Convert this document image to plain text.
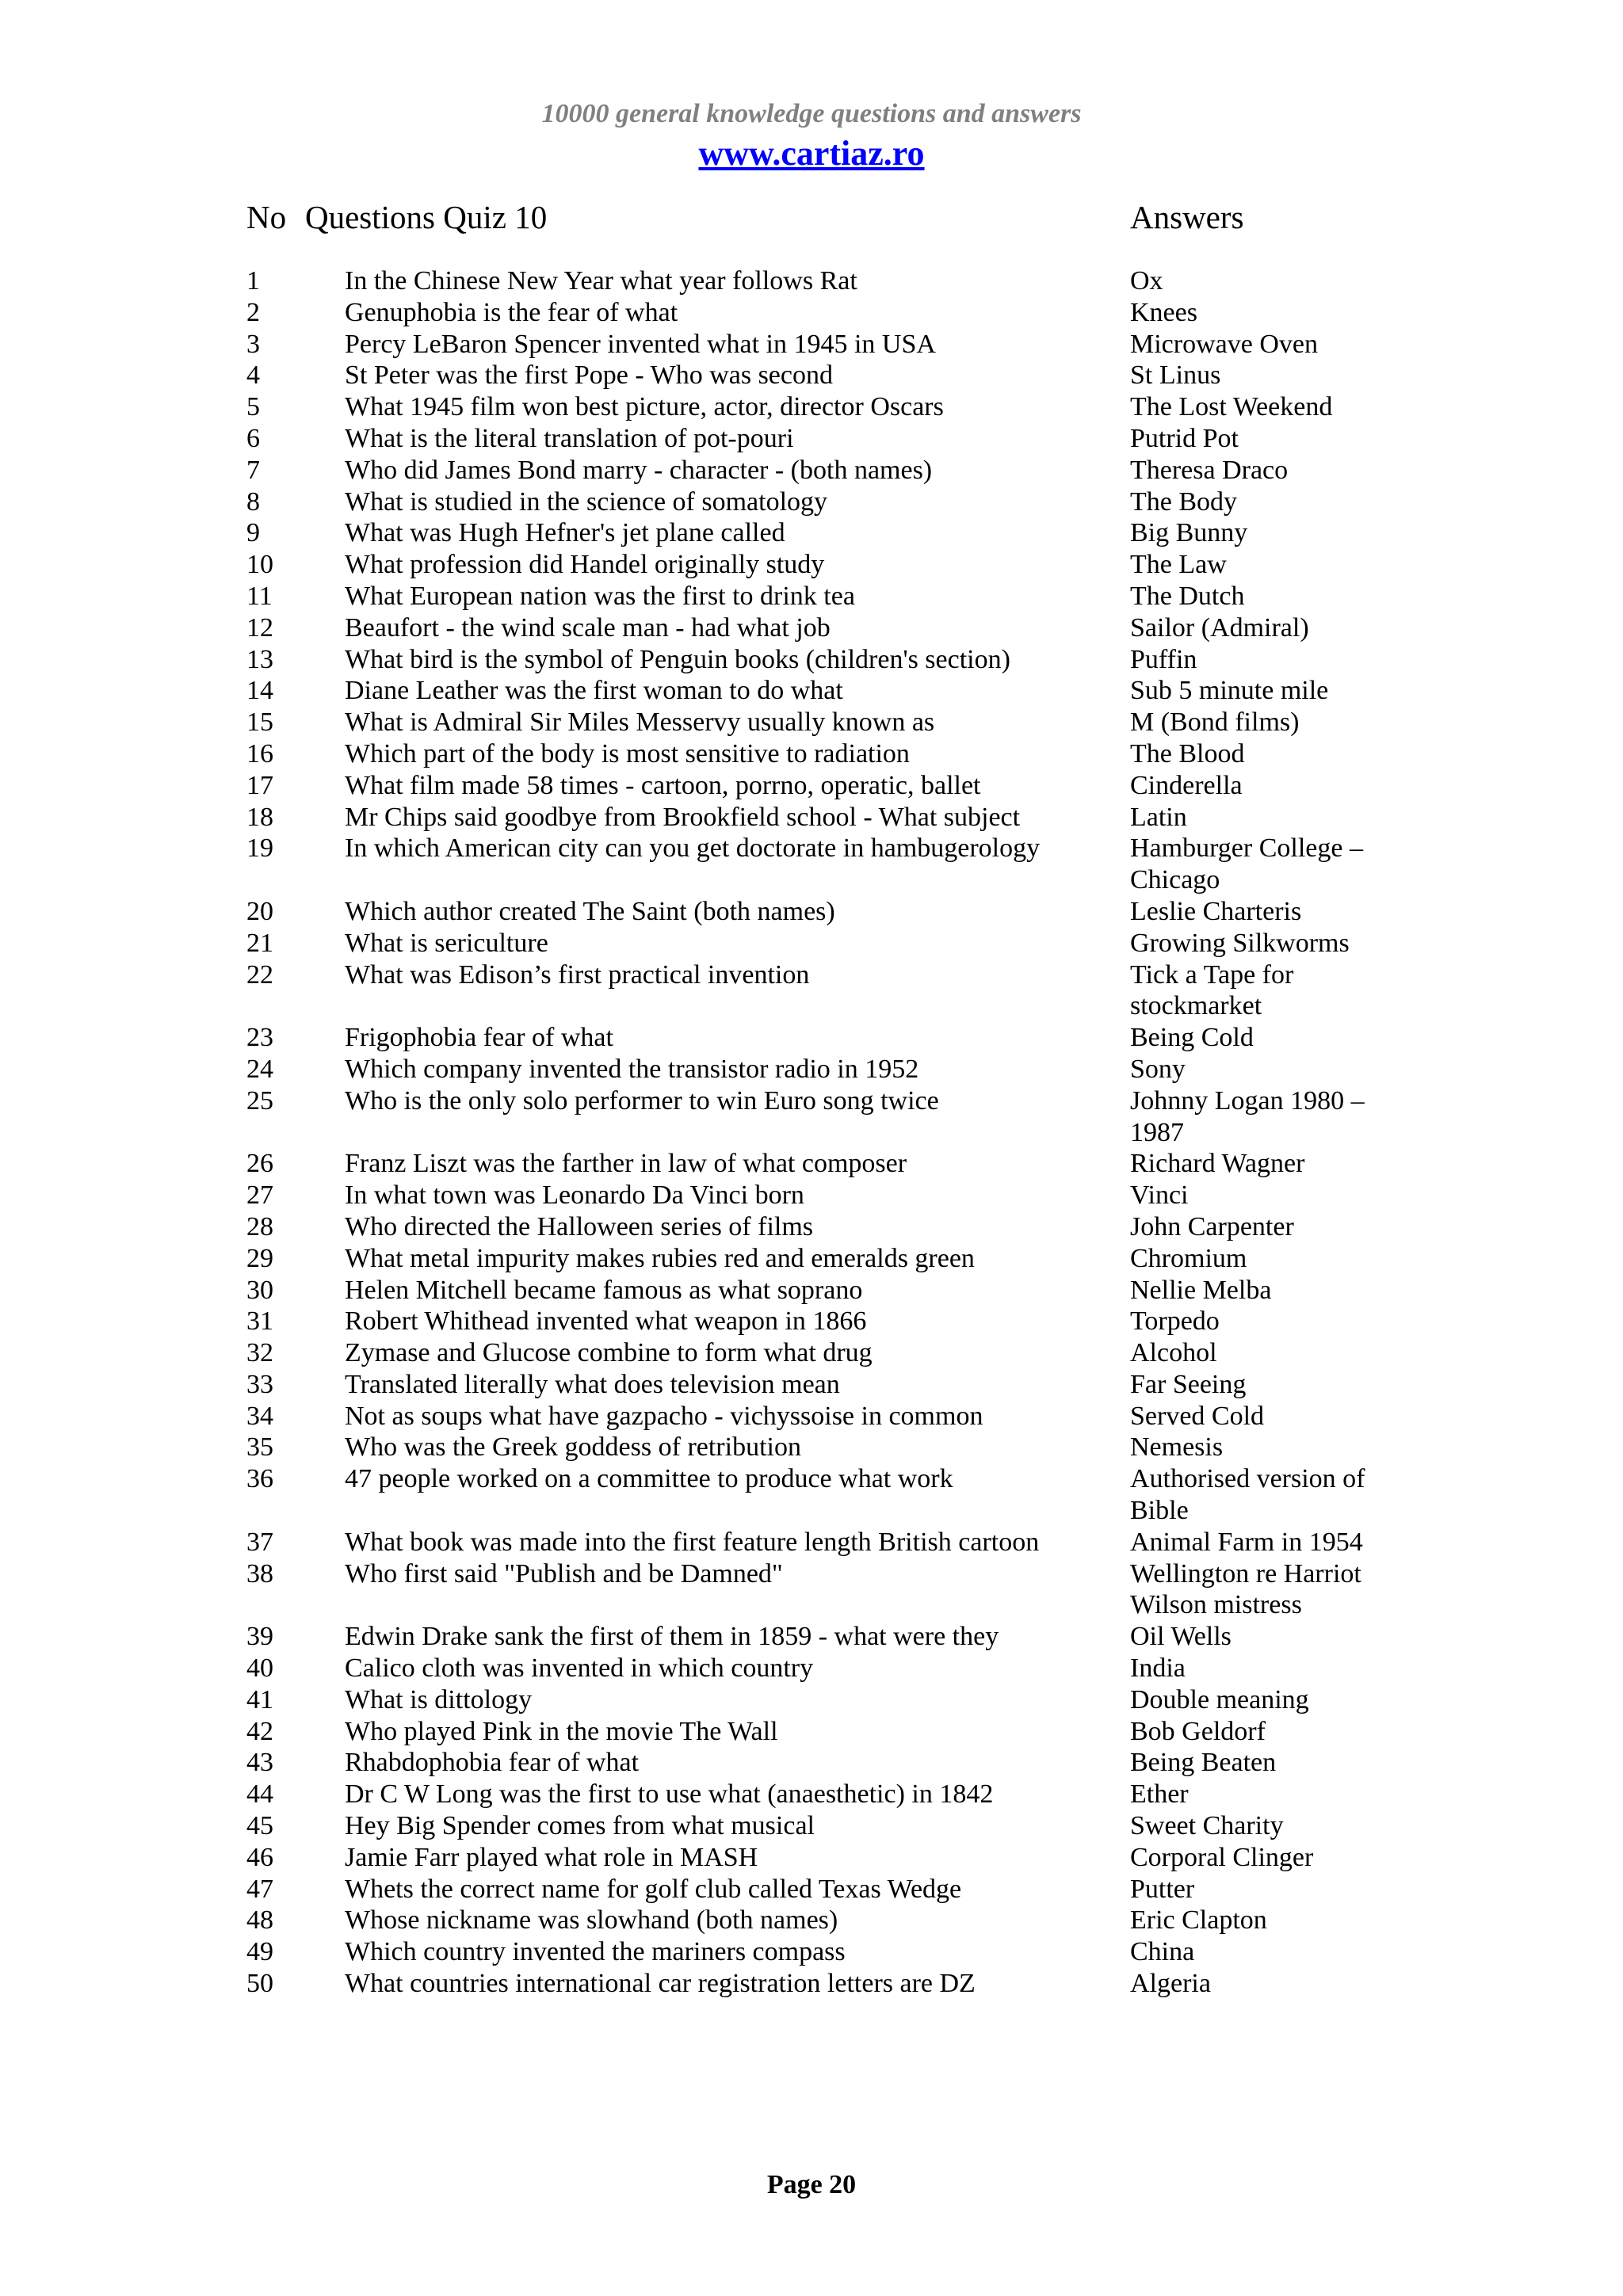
10000 general knowledge questions and answers
www.cartiaz.ro
No Questions Quiz 10	Answers
1	In the Chinese New Year what year follows Rat	Ox
2	Genuphobia is the fear of what	Knees
3	Percy LeBaron Spencer invented what in 1945 in USA	Microwave Oven
4	St Peter was the first Pope - Who was second	St Linus
5	What 1945 film won best picture, actor, director Oscars	The Lost Weekend
6	What is the literal translation of pot-pouri	Putrid Pot
7	Who did James Bond marry - character - (both names)	Theresa Draco
8	What is studied in the science of somatology	The Body
9	What was Hugh Hefner's jet plane called	Big Bunny
10	What profession did Handel originally study	The Law
11	What European nation was the first to drink tea	The Dutch
12	Beaufort - the wind scale man - had what job	Sailor (Admiral)
13	What bird is the symbol of Penguin books (children's section)	Puffin
14	Diane Leather was the first woman to do what	Sub 5 minute mile
15	What is Admiral Sir Miles Messervy usually known as	M (Bond films)
16	Which part of the body is most sensitive to radiation	The Blood
17	What film made 58 times - cartoon, porrno, operatic, ballet	Cinderella
18	Mr Chips said goodbye from Brookfield school - What subject	Latin
19	In which American city can you get doctorate in hambugerology	Hamburger College – Chicago
20	Which author created The Saint (both names)	Leslie Charteris
21	What is sericulture	Growing Silkworms
22	What was Edison’s first practical invention	Tick a Tape for stockmarket
23	Frigophobia fear of what	Being Cold
24	Which company invented the transistor radio in 1952	Sony
25	Who is the only solo performer to win Euro song twice	Johnny Logan 1980 – 1987
26	Franz Liszt was the farther in law of what composer	Richard Wagner
27	In what town was Leonardo Da Vinci born	Vinci
28	Who directed the Halloween series of films	John Carpenter
29	What metal impurity makes rubies red and emeralds green	Chromium
30	Helen Mitchell became famous as what soprano	Nellie Melba
31	Robert Whithead invented what weapon in 1866	Torpedo
32	Zymase and Glucose combine to form what drug	Alcohol
33	Translated literally what does television mean	Far Seeing
34	Not as soups what have gazpacho - vichyssoise in common	Served Cold
35	Who was the Greek goddess of retribution	Nemesis
36	47 people worked on a committee to produce what work	Authorised version of Bible
37	What book was made into the first feature length British cartoon	Animal Farm in 1954
38	Who first said "Publish and be Damned"	Wellington re Harriot Wilson mistress
39	Edwin Drake sank the first of them in 1859 - what were they	Oil Wells
40	Calico cloth was invented in which country	India
41	What is dittology	Double meaning
42	Who played Pink in the movie The Wall	Bob Geldorf
43	Rhabdophobia fear of what	Being Beaten
44	Dr C W Long was the first to use what (anaesthetic) in 1842	Ether
45	Hey Big Spender comes from what musical	Sweet Charity
46	Jamie Farr played what role in MASH	Corporal Clinger
47	Whets the correct name for golf club called Texas Wedge	Putter
48	Whose nickname was slowhand (both names)	Eric Clapton
49	Which country invented the mariners compass	China
50	What countries international car registration letters are DZ	Algeria
Page 20
